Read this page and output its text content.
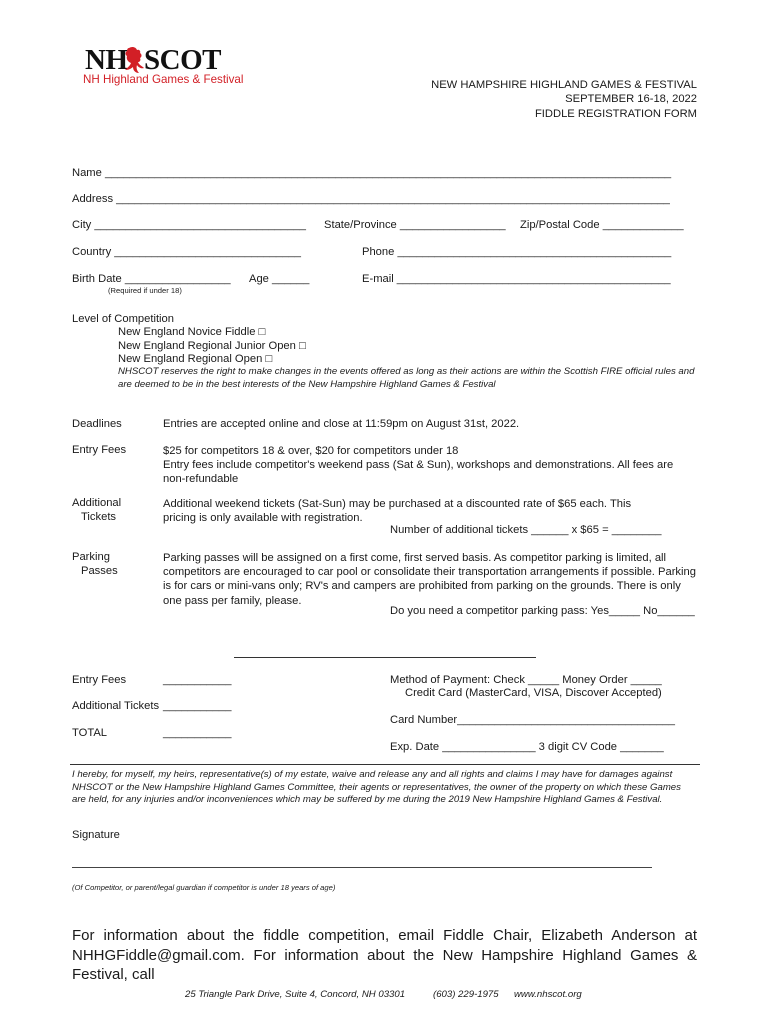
NH SCOT
NH Highland Games & Festival	NEW HAMPSHIRE HIGHLAND GAMES & FESTIVAL
SEPTEMBER 16-18, 2022
FIDDLE REGISTRATION FORM
Name ___________________________________________________________________________________________
Address _________________________________________________________________________________________
City __________________________________ State/Province _________________ Zip/Postal Code _____________
Country ______________________________	Phone ____________________________________________
Birth Date _________________ Age ______	E-mail ____________________________________________
(Required if under 18)
Level of Competition
New England Novice Fiddle □
New England Regional Junior Open □
New England Regional Open □
NHSCOT reserves the right to make changes in the events offered as long as their actions are within the Scottish FIRE official rules and are deemed to be in the best interests of the New Hampshire Highland Games & Festival
Deadlines	Entries are accepted online and close at 11:59pm on August 31st, 2022.
Entry Fees	$25 for competitors 18 & over, $20 for competitors under 18
Entry fees include competitor's weekend pass (Sat & Sun), workshops and demonstrations. All fees are non-refundable
Additional
Tickets
Additional weekend tickets (Sat-Sun) may be purchased at a discounted rate of $65 each. This pricing is only available with registration.
Number of additional tickets ______ x $65 = ________
Parking
Passes
Parking passes will be assigned on a first come, first served basis. As competitor parking is limited, all competitors are encouraged to car pool or consolidate their transportation arrangements if possible. Parking is for cars or mini-vans only; RV's and campers are prohibited from parking on the grounds. There is only one pass per family, please.
Do you need a competitor parking pass: Yes_____ No______
Entry Fees	___________
Additional Tickets ___________
TOTAL	___________
Method of Payment: Check _____ Money Order _____
Credit Card (MasterCard, VISA, Discover Accepted)
Card Number___________________________________
Exp. Date _______________ 3 digit CV Code _______
I hereby, for myself, my heirs, representative(s) of my estate, waive and release any and all rights and claims I may have for damages against NHSCOT or the New Hampshire Highland Games Committee, their agents or representatives, the owner of the property on which these Games are held, for any injuries and/or inconveniences which may be suffered by me during the 2019 New Hampshire Highland Games & Festival.
Signature
(Of Competitor, or parent/legal guardian if competitor is under 18 years of age)
For information about the fiddle competition, email Fiddle Chair, Elizabeth Anderson at NHHGFiddle@gmail.com. For information about the New Hampshire Highland Games & Festival, call
25 Triangle Park Drive, Suite 4, Concord, NH 03301	(603) 229-1975 www.nhscot.org
